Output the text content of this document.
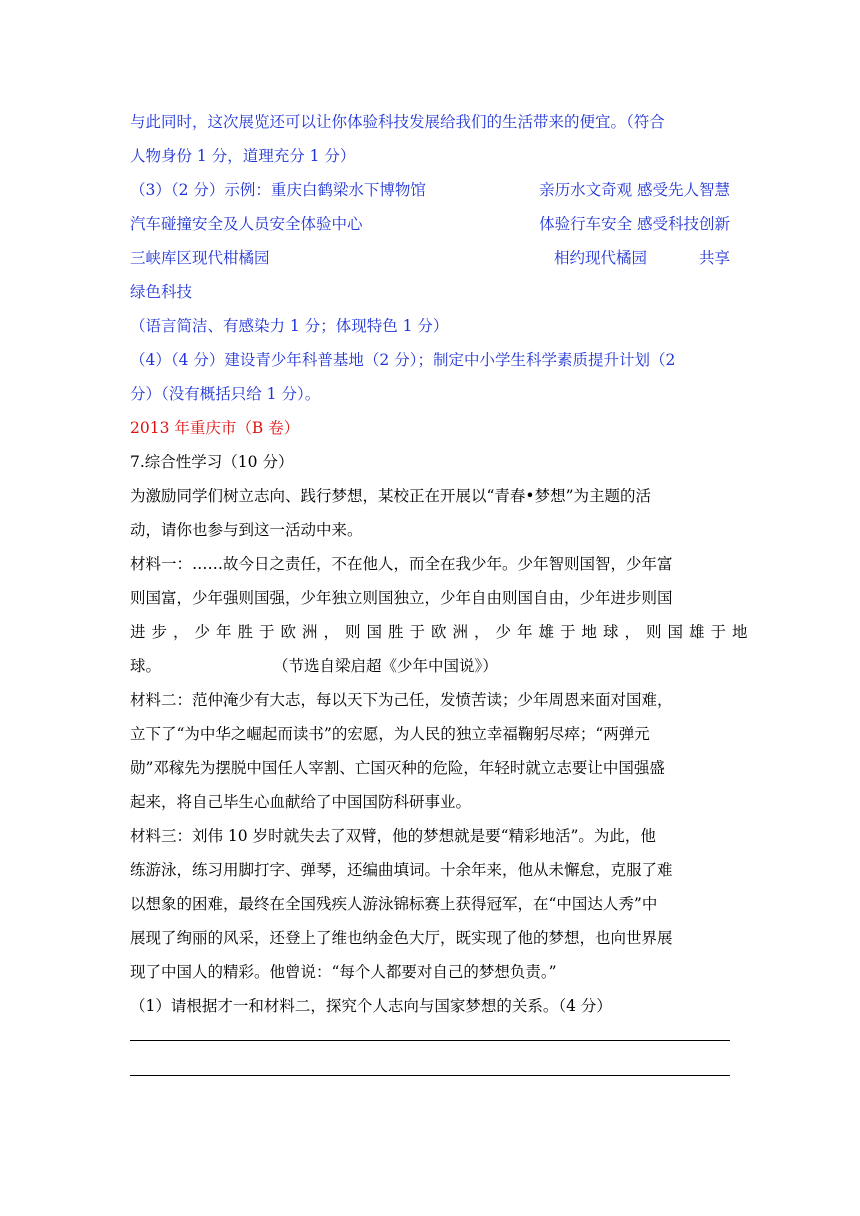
与此同时，这次展览还可以让你体验科技发展给我们的生活带来的便宜。（符合
人物身份 1 分，道理充分 1 分）
（3）（2 分）示例：重庆白鹤梁水下博物馆	亲历水文奇观 感受先人智慧
汽车碰撞安全及人员安全体验中心	体验行车安全 感受科技创新
三峡库区现代柑橘园	相约现代橘园	共享
绿色科技
（语言简洁、有感染力 1 分；体现特色 1 分）
（4）（4 分）建设青少年科普基地（2 分）；制定中小学生科学素质提升计划（2
分）（没有概括只给 1 分）。
2013 年重庆市（B 卷）
7.综合性学习（10 分）
为激励同学们树立志向、践行梦想，某校正在开展以“青春•梦想”为主题的活
动，请你也参与到这一活动中来。
材料一：……故今日之责任，不在他人，而全在我少年。少年智则国智，少年富
则国富，少年强则国强，少年独立则国独立，少年自由则国自由，少年进步则国
进步，少年胜于欧洲，则国胜于欧洲，少年雄于地球，则国雄于地
球。	（节选自梁启超《少年中国说》）
材料二：范仲淹少有大志，每以天下为己任，发愤苦读；少年周恩来面对国难，
立下了“为中华之崛起而读书”的宏愿，为人民的独立幸福鞠躬尽瘁；“两弹元
勋”邓稼先为摆脱中国任人宰割、亡国灭种的危险，年轻时就立志要让中国强盛
起来，将自己毕生心血献给了中国国防科研事业。
材料三：刘伟 10 岁时就失去了双臂，他的梦想就是要“精彩地活”。为此，他
练游泳，练习用脚打字、弹琴，还编曲填词。十余年来，他从未懈怠，克服了难
以想象的困难，最终在全国残疾人游泳锦标赛上获得冠军，在“中国达人秀”中
展现了绚丽的风采，还登上了维也纳金色大厅，既实现了他的梦想，也向世界展
现了中国人的精彩。他曾说：“每个人都要对自己的梦想负责。”
（1）请根据才一和材料二，探究个人志向与国家梦想的关系。（4 分）
